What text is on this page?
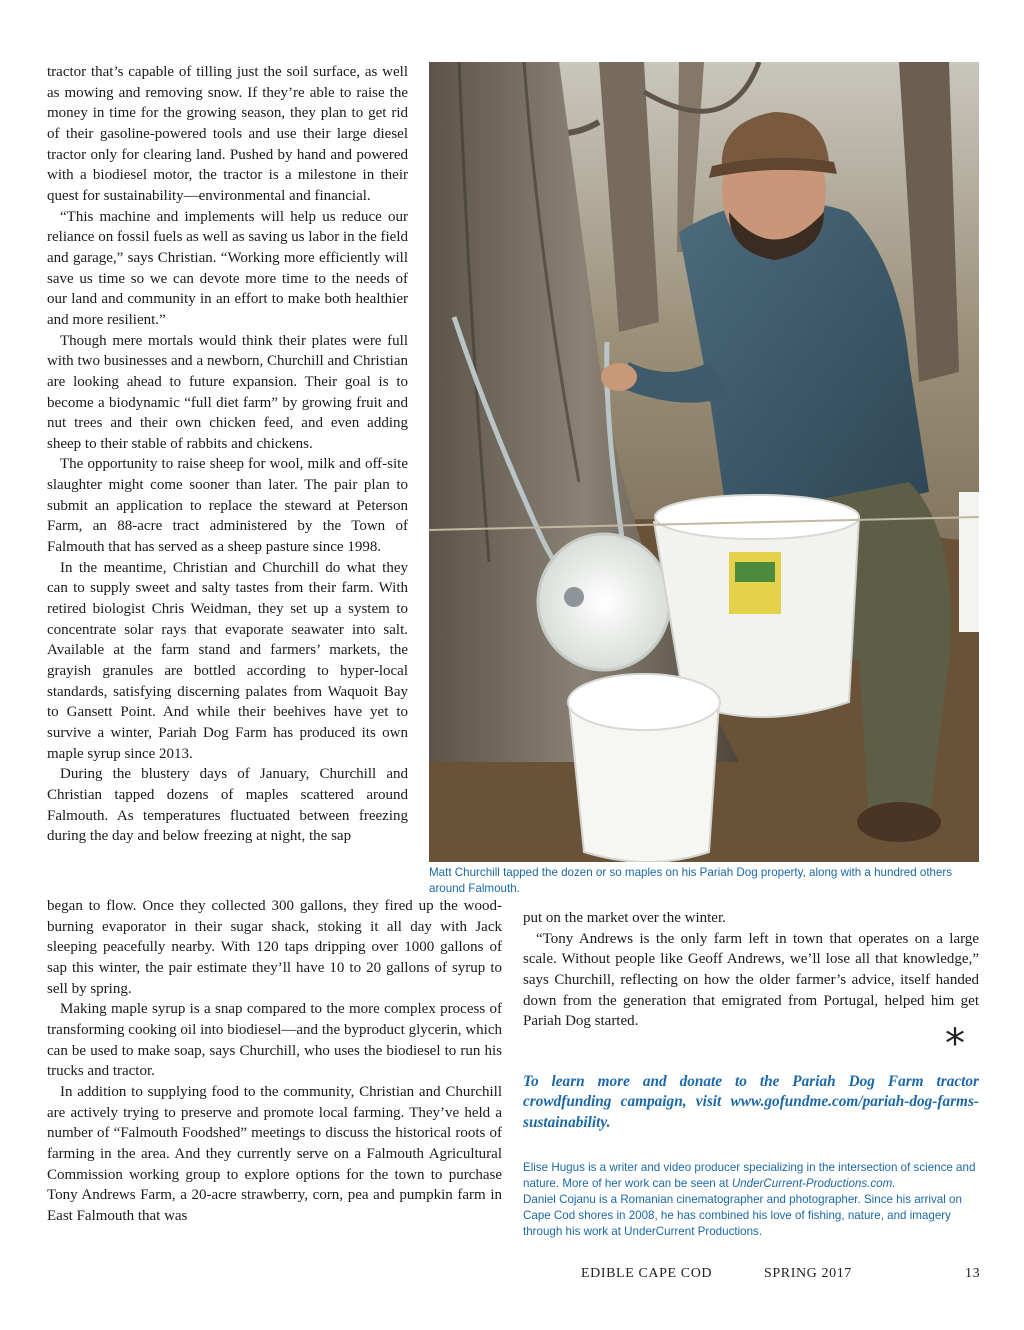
tractor that’s capable of tilling just the soil surface, as well as mowing and removing snow. If they’re able to raise the money in time for the growing season, they plan to get rid of their gasoline-powered tools and use their large diesel tractor only for clearing land. Pushed by hand and powered with a biodiesel motor, the tractor is a milestone in their quest for sustainability—environmental and financial.

“This machine and implements will help us reduce our reliance on fossil fuels as well as saving us labor in the field and garage,” says Christian. “Working more efficiently will save us time so we can devote more time to the needs of our land and community in an effort to make both healthier and more resilient.”

Though mere mortals would think their plates were full with two businesses and a newborn, Churchill and Christian are looking ahead to future expansion. Their goal is to become a biodynamic “full diet farm” by growing fruit and nut trees and their own chicken feed, and even adding sheep to their stable of rabbits and chickens.

The opportunity to raise sheep for wool, milk and off-site slaughter might come sooner than later. The pair plan to submit an application to replace the steward at Peterson Farm, an 88-acre tract administered by the Town of Falmouth that has served as a sheep pasture since 1998.

In the meantime, Christian and Churchill do what they can to supply sweet and salty tastes from their farm. With retired biologist Chris Weidman, they set up a system to concentrate solar rays that evaporate seawater into salt. Available at the farm stand and farmers’ markets, the grayish granules are bottled according to hyper-local standards, satisfying discerning palates from Waquoit Bay to Gansett Point. And while their beehives have yet to survive a winter, Pariah Dog Farm has produced its own maple syrup since 2013.

During the blustery days of January, Churchill and Christian tapped dozens of maples scattered around Falmouth. As temperatures fluctuated between freezing during the day and below freezing at night, the sap

Matt Churchill tapped the dozen or so maples on his Pariah Dog property, along with a hundred others around Falmouth.

began to flow. Once they collected 300 gallons, they fired up the wood-burning evaporator in their sugar shack, stoking it all day with Jack sleeping peacefully nearby. With 120 taps dripping over 1000 gallons of sap this winter, the pair estimate they’ll have 10 to 20 gallons of syrup to sell by spring.

Making maple syrup is a snap compared to the more complex process of transforming cooking oil into biodiesel—and the byproduct glycerin, which can be used to make soap, says Churchill, who uses the biodiesel to run his trucks and tractor.

In addition to supplying food to the community, Christian and Churchill are actively trying to preserve and promote local farming. They’ve held a number of “Falmouth Foodshed” meetings to discuss the historical roots of farming in the area. And they currently serve on a Falmouth Agricultural Commission working group to explore options for the town to purchase Tony Andrews Farm, a 20-acre strawberry, corn, pea and pumpkin farm in East Falmouth that was

put on the market over the winter.

“Tony Andrews is the only farm left in town that operates on a large scale. Without people like Geoff Andrews, we’ll lose all that knowledge,” says Churchill, reflecting on how the older farmer’s advice, itself handed down from the generation that emigrated from Portugal, helped him get Pariah Dog started.	*
To learn more and donate to the Pariah Dog Farm tractor crowdfunding campaign, visit www.gofundme.com/pariah-dog-farms-sustainability.

Elise Hugus is a writer and video producer specializing in the intersection of science and nature. More of her work can be seen at UnderCurrent-Productions.com.

Daniel Cojanu is a Romanian cinematographer and photographer. Since his arrival on Cape Cod shores in 2008, he has combined his love of fishing, nature, and imagery through his work at UnderCurrent Productions.

EDIBLE CAPE COD	SPRING 2017	13
